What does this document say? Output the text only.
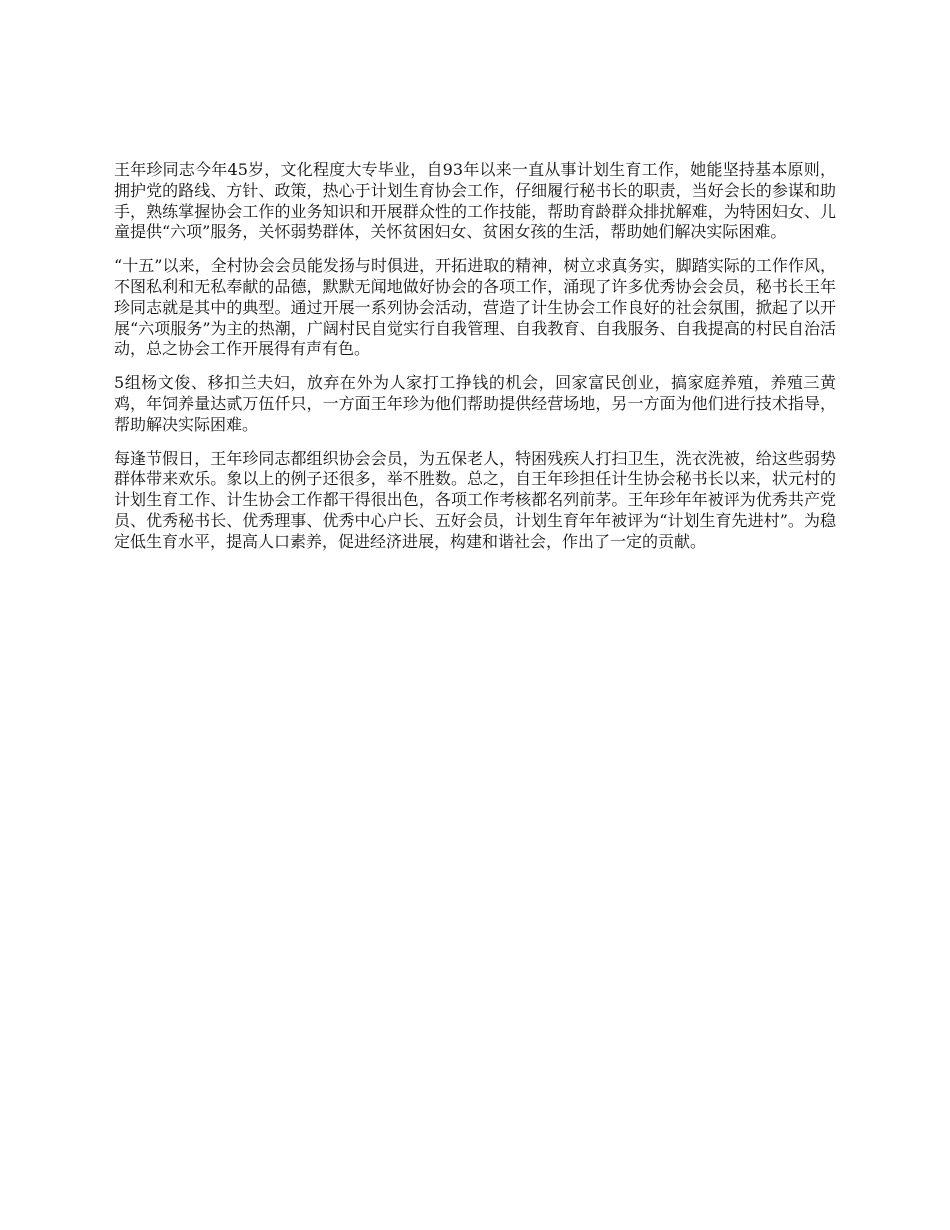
王年珍同志今年45岁，文化程度大专毕业，自93年以来一直从事计划生育工作，她能坚持基本原则，拥护党的路线、方针、政策，热心于计划生育协会工作，仔细履行秘书长的职责，当好会长的参谋和助手，熟练掌握协会工作的业务知识和开展群众性的工作技能，帮助育龄群众排扰解难，为特困妇女、儿童提供“六项”服务，关怀弱势群体，关怀贫困妇女、贫困女孩的生活，帮助她们解决实际困难。

“十五”以来，全村协会会员能发扬与时俱进，开拓进取的精神，树立求真务实，脚踏实际的工作作风，不图私利和无私奉献的品德，默默无闻地做好协会的各项工作，涌现了许多优秀协会会员，秘书长王年珍同志就是其中的典型。通过开展一系列协会活动，营造了计生协会工作良好的社会氛围，掀起了以开展“六项服务”为主的热潮，广阔村民自觉实行自我管理、自我教育、自我服务、自我提高的村民自治活动，总之协会工作开展得有声有色。

5组杨文俊、移扣兰夫妇，放弃在外为人家打工挣钱的机会，回家富民创业，搞家庭养殖，养殖三黄鸡，年饲养量达贰万伍仟只，一方面王年珍为他们帮助提供经营场地，另一方面为他们进行技术指导，帮助解决实际困难。

每逢节假日，王年珍同志都组织协会会员，为五保老人，特困残疾人打扫卫生，洗衣洗被，给这些弱势群体带来欢乐。象以上的例子还很多，举不胜数。总之，自王年珍担任计生协会秘书长以来，状元村的计划生育工作、计生协会工作都干得很出色，各项工作考核都名列前茅。王年珍年年被评为优秀共产党员、优秀秘书长、优秀理事、优秀中心户长、五好会员，计划生育年年被评为“计划生育先进村”。为稳定低生育水平，提高人口素养，促进经济进展，构建和谐社会，作出了一定的贡献。
